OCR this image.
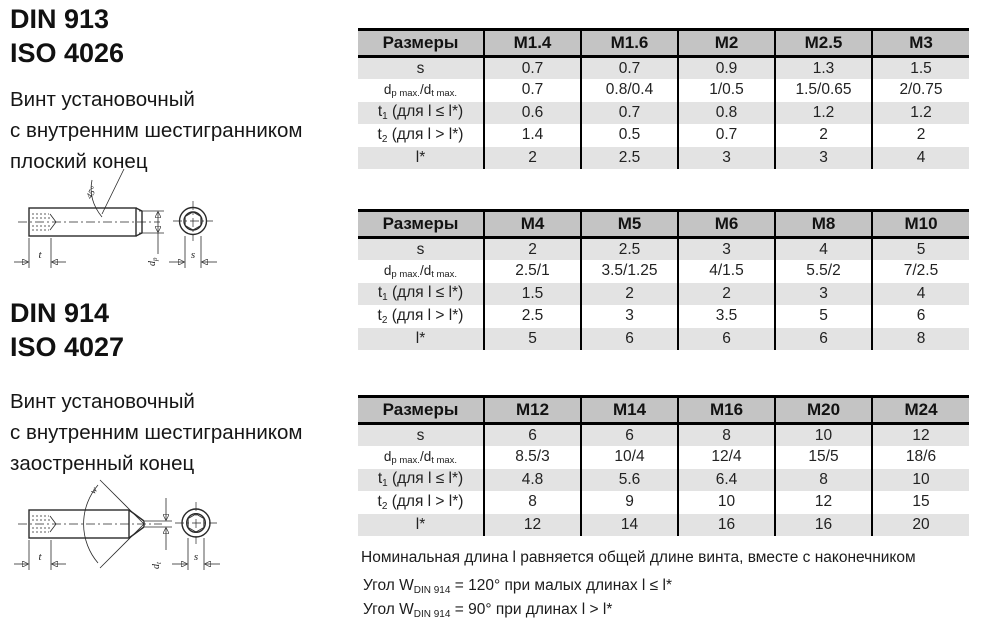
DIN 913
ISO 4026
Винт установочный
с внутренним шестигранником
плоский конец
45°
t
$d_p$	s
DIN 914
ISO 4027
Винт установочный
с внутренним шестигранником
заостренный конец
w
t
$d_t$
s
Размеры	M1.4	M1.6	M2	M2.5	M3
s	0.7	0.7	0.9	1.3	1.5
$d_{p max.}/d_{t max.}$	0.7	0.8/0.4	1/0.5	1.5/0.65	2/0.75
$t_1$ (для l ≤ l*)	0.6	0.7	0.8	1.2	1.2
$t_2$ (для l > l*)	1.4	0.5	0.7	2	2
l*	2	2.5	3	3	4
Размеры	M4	M5	M6	M8	M10
s	2	2.5	3	4	5
$d_{p max.}/d_{t max.}$	2.5/1	3.5/1.25	4/1.5	5.5/2	7/2.5
$t_1$ (для l ≤ l*)	1.5	2	2	3	4
$t_2$ (для l > l*)	2.5	3	3.5	5	6
l*	5	6	6	6	8
Размеры	M12	M14	M16	M20	M24
s	6	6	8	10	12
$d_{p max.}/d_{t max.}$	8.5/3	10/4	12/4	15/5	18/6
$t_1$ (для l ≤ l*)	4.8	5.6	6.4	8	10
$t_2$ (для l > l*)	8	9	10	12	15
l*	12	14	16	16	20
Номинальная длина l равняется общей длине винта, вместе с наконечником
Угол $W_{DIN 914} = 120^\circ$ при малых длинах l ≤ l*
Угол $W_{DIN 914} = 90^\circ$ при длинах l > l*
